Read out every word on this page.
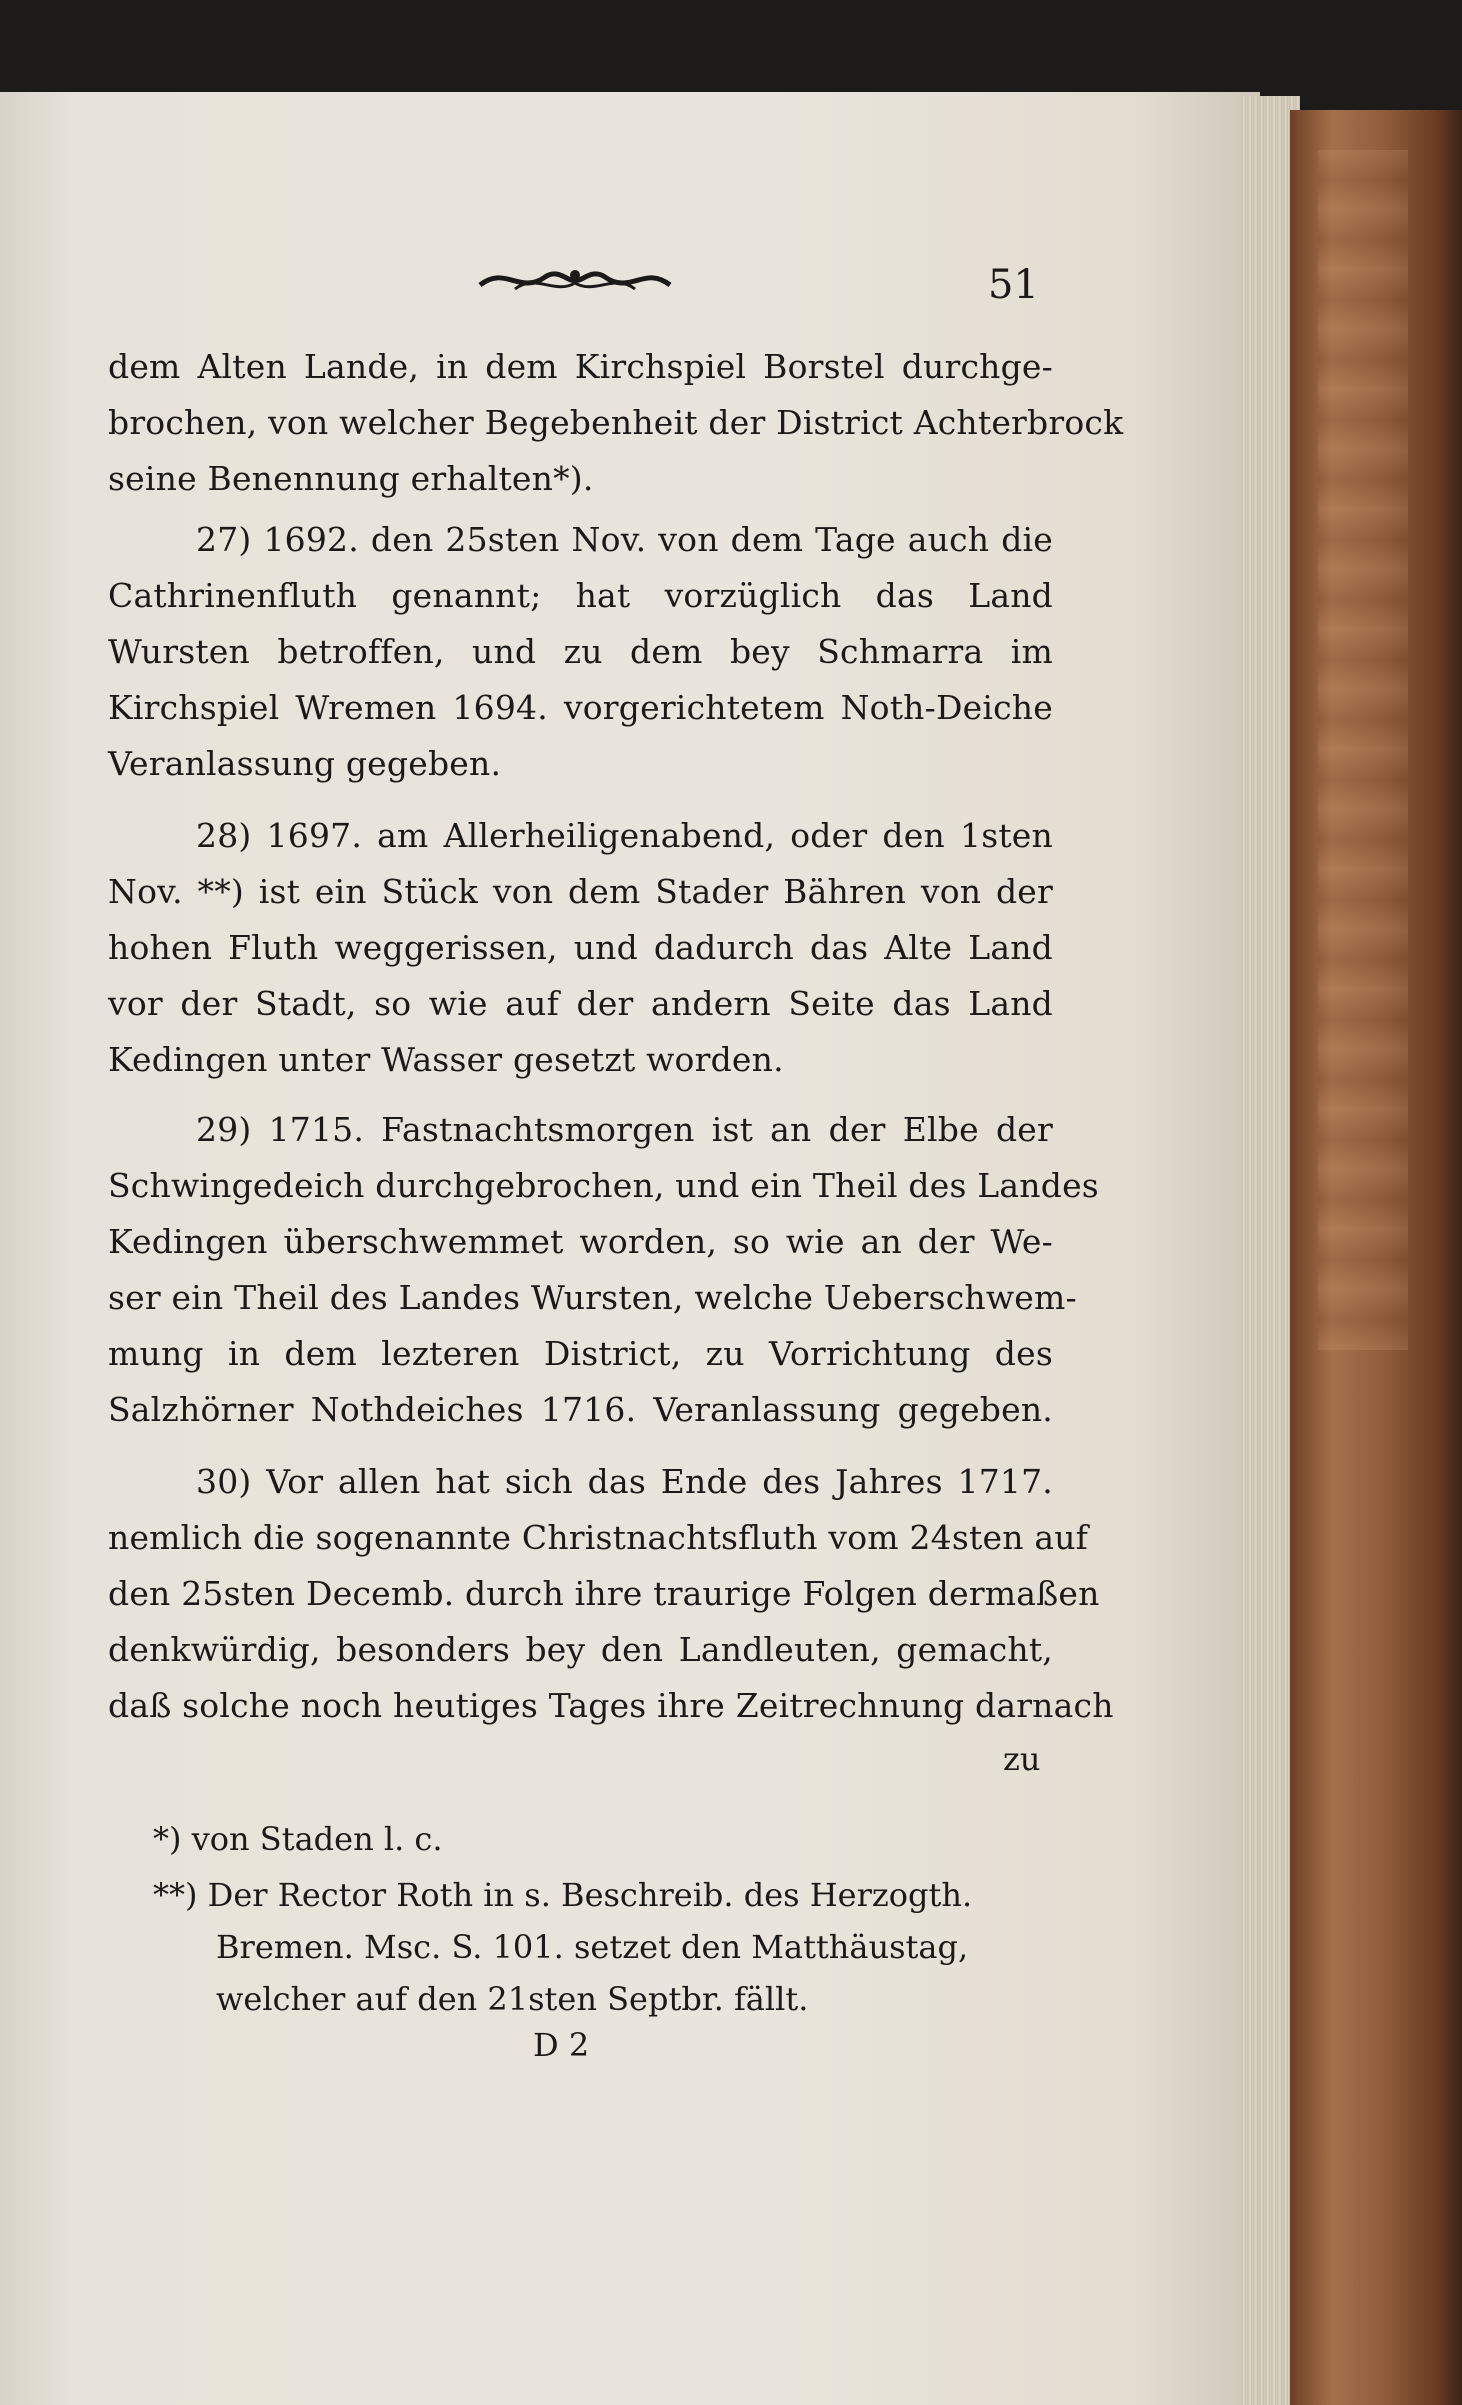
51
dem Alten Lande, in dem Kirchspiel Borstel durchge-
brochen, von welcher Begebenheit der District Achterbrock
seine Benennung erhalten*).
27) 1692. den 25sten Nov. von dem Tage auch die
Cathrinenfluth genannt; hat vorzüglich das Land
Wursten betroffen, und zu dem bey Schmarra im
Kirchspiel Wremen 1694. vorgerichtetem Noth-Deiche
Veranlassung gegeben.
28) 1697. am Allerheiligenabend, oder den 1sten
Nov. **) ist ein Stück von dem Stader Bähren von der
hohen Fluth weggerissen, und dadurch das Alte Land
vor der Stadt, so wie auf der andern Seite das Land
Kedingen unter Wasser gesetzt worden.
29) 1715. Fastnachtsmorgen ist an der Elbe der
Schwingedeich durchgebrochen, und ein Theil des Landes
Kedingen überschwemmet worden, so wie an der We-
ser ein Theil des Landes Wursten, welche Ueberschwem-
mung in dem lezteren District, zu Vorrichtung des
Salzhörner Nothdeiches 1716. Veranlassung gegeben.
30) Vor allen hat sich das Ende des Jahres 1717.
nemlich die sogenannte Christnachtsfluth vom 24sten auf
den 25sten Decemb. durch ihre traurige Folgen dermaßen
denkwürdig, besonders bey den Landleuten, gemacht,
daß solche noch heutiges Tages ihre Zeitrechnung darnach
zu
*) von Staden l. c.
**) Der Rector Roth in s. Beschreib. des Herzogth.
Bremen. Msc. S. 101. setzet den Matthäustag,
welcher auf den 21sten Septbr. fällt.
D 2
